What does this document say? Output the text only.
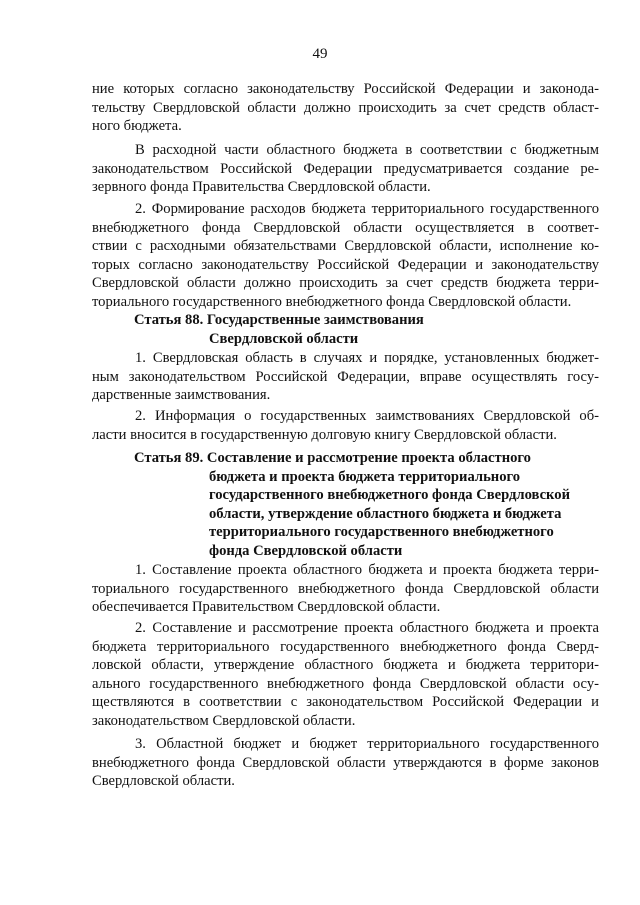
49
ние которых согласно законодательству Российской Федерации и законода-
тельству Свердловской области должно происходить за счет средств област-
ного бюджета.
В расходной части областного бюджета в соответствии с бюджетным
законодательством Российской Федерации предусматривается создание ре-
зервного фонда Правительства Свердловской области.
2. Формирование расходов бюджета территориального государственного
внебюджетного фонда Свердловской области осуществляется в соответ-
ствии с расходными обязательствами Свердловской области, исполнение ко-
торых согласно законодательству Российской Федерации и законодательству
Свердловской области должно происходить за счет средств бюджета терри-
ториального государственного внебюджетного фонда Свердловской области.
Статья 88. Государственные заимствования
Свердловской области
1. Свердловская область в случаях и порядке, установленных бюджет-
ным законодательством Российской Федерации, вправе осуществлять госу-
дарственные заимствования.
2. Информация о государственных заимствованиях Свердловской об-
ласти вносится в государственную долговую книгу Свердловской области.
Статья 89. Составление и рассмотрение проекта областного
бюджета и проекта бюджета территориального
государственного внебюджетного фонда Свердловской
области, утверждение областного бюджета и бюджета
территориального государственного внебюджетного
фонда Свердловской области
1. Составление проекта областного бюджета и проекта бюджета терри-
ториального государственного внебюджетного фонда Свердловской области
обеспечивается Правительством Свердловской области.
2. Составление и рассмотрение проекта областного бюджета и проекта
бюджета территориального государственного внебюджетного фонда Сверд-
ловской области, утверждение областного бюджета и бюджета территори-
ального государственного внебюджетного фонда Свердловской области осу-
ществляются в соответствии с законодательством Российской Федерации и
законодательством Свердловской области.
3. Областной бюджет и бюджет территориального государственного
внебюджетного фонда Свердловской области утверждаются в форме законов
Свердловской области.
